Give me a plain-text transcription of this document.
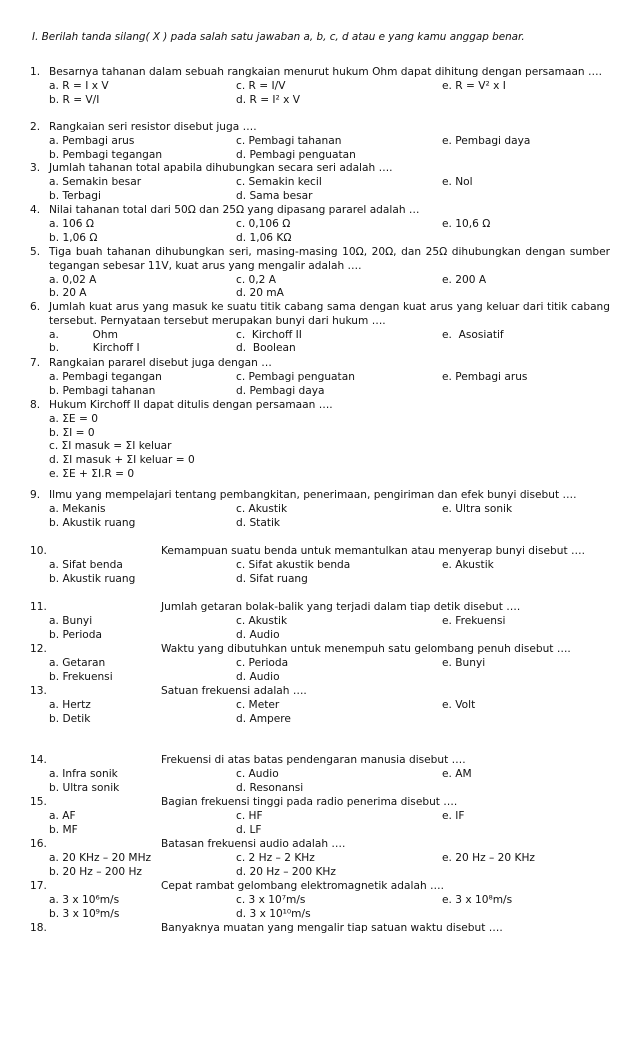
I. Berilah tanda silang( X ) pada salah satu jawaban a, b, c, d atau e yang kamu anggap benar.
1. Besarnya tahanan dalam sebuah rangkaian menurut hukum Ohm dapat dihitung dengan persamaan ….
a. R = I x V	c. R = I/V	e. R = V² x I
b. R = V/I	d. R = I² x V
2. Rangkaian seri resistor disebut juga ….
a. Pembagi arus	c. Pembagi tahanan	e. Pembagi daya
b. Pembagi tegangan	d. Pembagi penguatan
3. Jumlah tahanan total apabila dihubungkan secara seri adalah ….
a. Semakin besar	c. Semakin kecil	e. Nol
b. Terbagi	d. Sama besar
4. Nilai tahanan total dari 50Ω dan 25Ω yang dipasang pararel adalah …
a. 106 Ω	c. 0,106 Ω	e. 10,6 Ω
b. 1,06 Ω	d. 1,06 KΩ
5. Tiga buah tahanan dihubungkan seri, masing-masing 10Ω, 20Ω, dan 25Ω dihubungkan dengan sumber tegangan sebesar 11V, kuat arus yang mengalir adalah ….
a. 0,02 A	c. 0,2 A	e. 200 A
b. 20 A	d. 20 mA
6. Jumlah kuat arus yang masuk ke suatu titik cabang sama dengan kuat arus yang keluar dari titik cabang tersebut. Pernyataan tersebut merupakan bunyi dari hukum ….
a.          Ohm	c.  Kirchoff II	e.  Asosiatif
b.          Kirchoff I	d.  Boolean
7. Rangkaian pararel disebut juga dengan …
a. Pembagi tegangan	c. Pembagi penguatan	e. Pembagi arus
b. Pembagi tahanan	d. Pembagi daya
8. Hukum Kirchoff II dapat ditulis dengan persamaan ….
a. ΣE = 0
b. ΣI = 0
c. ΣI masuk = ΣI keluar
d. ΣI masuk + ΣI keluar = 0
e. ΣE + ΣI.R = 0
9. Ilmu yang mempelajari tentang pembangkitan, penerimaan, pengiriman dan efek bunyi disebut ….
a. Mekanis	c. Akustik	e. Ultra sonik
b. Akustik ruang	d. Statik
10.	Kemampuan suatu benda untuk memantulkan atau menyerap bunyi disebut ….
a. Sifat benda	c. Sifat akustik benda	e. Akustik
b. Akustik ruang	d. Sifat ruang
11.	Jumlah getaran bolak-balik yang terjadi dalam tiap detik disebut ….
a. Bunyi	c. Akustik	e. Frekuensi
b. Perioda	d. Audio
12.	Waktu yang dibutuhkan untuk menempuh satu gelombang penuh disebut ….
a. Getaran	c. Perioda	e. Bunyi
b. Frekuensi	d. Audio
13.	Satuan frekuensi adalah ….
a. Hertz	c. Meter	e. Volt
b. Detik	d. Ampere
14.	Frekuensi di atas batas pendengaran manusia disebut ….
a. Infra sonik	c. Audio	e. AM
b. Ultra sonik	d. Resonansi
15.	Bagian frekuensi tinggi pada radio penerima disebut ….
a. AF	c. HF	e. IF
b. MF	d. LF
16.	Batasan frekuensi audio adalah ….
a. 20 KHz – 20 MHz	c. 2 Hz – 2 KHz	e. 20 Hz – 20 KHz
b. 20 Hz – 200 Hz	d. 20 Hz – 200 KHz
17.	Cepat rambat gelombang elektromagnetik adalah ….
a. 3 x 10⁶m/s	c. 3 x 10⁷m/s	e. 3 x 10⁸m/s
b. 3 x 10⁹m/s	d. 3 x 10¹⁰m/s
18.	Banyaknya muatan yang mengalir tiap satuan waktu disebut ….
